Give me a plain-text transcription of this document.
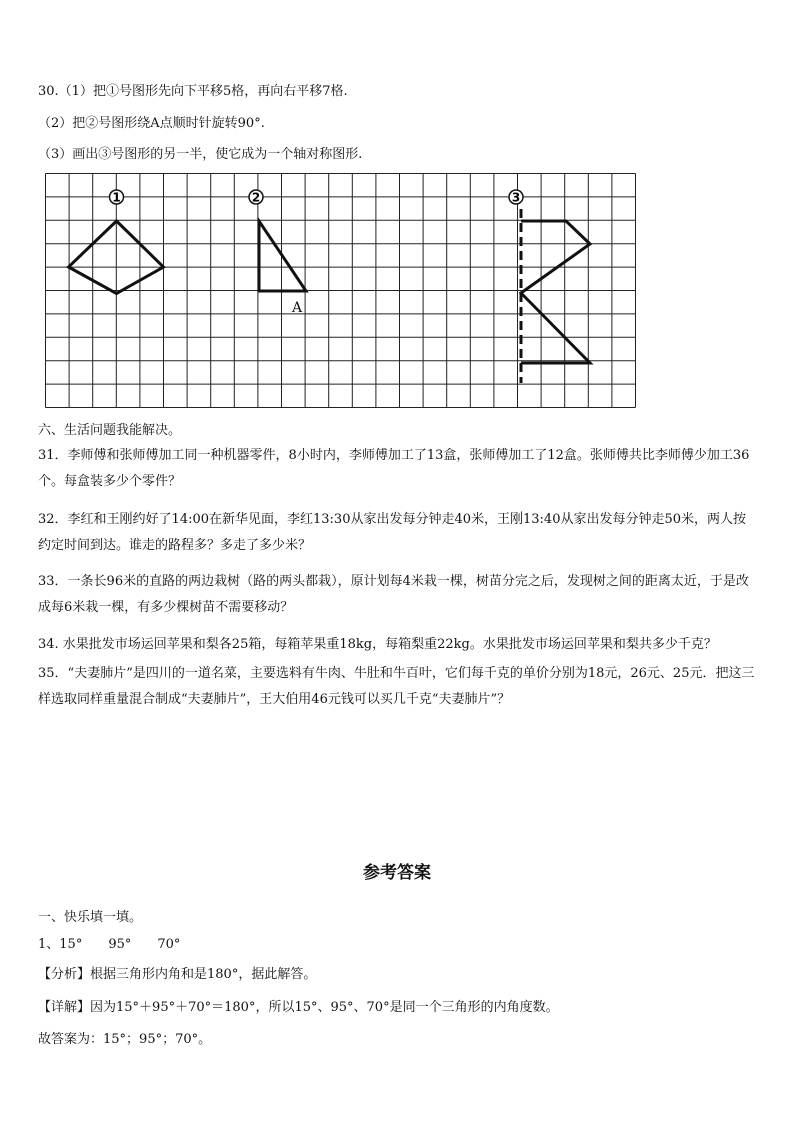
30.（1）把①号图形先向下平移5格，再向右平移7格.
（2）把②号图形绕A点顺时针旋转90°.
（3）画出③号图形的另一半，使它成为一个轴对称图形.
1	2	3
A
六、生活问题我能解决。
31．李师傅和张师傅加工同一种机器零件，8小时内，李师傅加工了13盒，张师傅加工了12盒。张师傅共比李师傅少加工36个。每盒装多少个零件？
32．李红和王刚约好了14:00在新华见面，李红13:30从家出发每分钟走40米，王刚13:40从家出发每分钟走50米，两人按约定时间到达。谁走的路程多？多走了多少米？
33．一条长96米的直路的两边栽树（路的两头都栽），原计划每4米栽一棵，树苗分完之后，发现树之间的距离太近，于是改成每6米栽一棵，有多少棵树苗不需要移动？
34. 水果批发市场运回苹果和梨各25箱，每箱苹果重18kg，每箱梨重22kg。水果批发市场运回苹果和梨共多少千克？
35．“夫妻肺片”是四川的一道名菜，主要选料有牛肉、牛肚和牛百叶，它们每千克的单价分别为18元，26元、25元．把这三样选取同样重量混合制成“夫妻肺片”，王大伯用46元钱可以买几千克“夫妻肺片”？
参考答案
一、快乐填一填。
1、15°　　95°　　70°
【分析】根据三角形内角和是180°，据此解答。
【详解】因为15°＋95°＋70°＝180°，所以15°、95°、70°是同一个三角形的内角度数。
故答案为：15°；95°；70°。
